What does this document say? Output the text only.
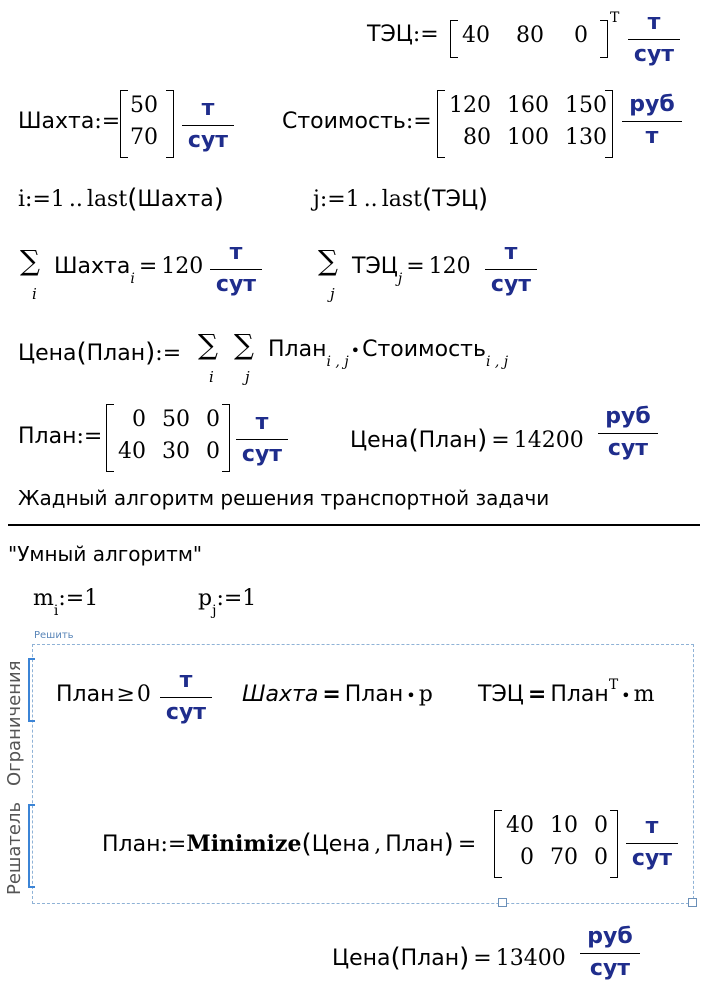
ТЭЦ:= 40	80	0
T	т
сут
Шахта:=
50
70
т
сут
Стоимость:=
120	160	150
80	100	130
руб
т
i:=1 .. last(Шахта)	j:=1 .. last(ТЭЦ)
∑
i
Шахта$_i$ = 120
т
сут
∑
j
$ТЭЦ_j = 120$
т
сут
Цена(План):= ∑
i
∑
j
План$_{i , j}$•Стоимость$_{i , j}$
План:=
0	50	0
40	30	0
т
сут
Цена(План) = 14200
руб
сут
Жадный алгоритм решения транспортной задачи
"Умный алгоритм"
$m_i:=1$	$p_j:=1$
Решить
Ограничения
Решатель
План≥0
т
сут
Шахта = План • p ТЭЦ = План$^T$• m
План:=Minimize(Цена , План) =
40	10	0
0	70	0
т
сут
Цена(План) = 13400
руб
сут
